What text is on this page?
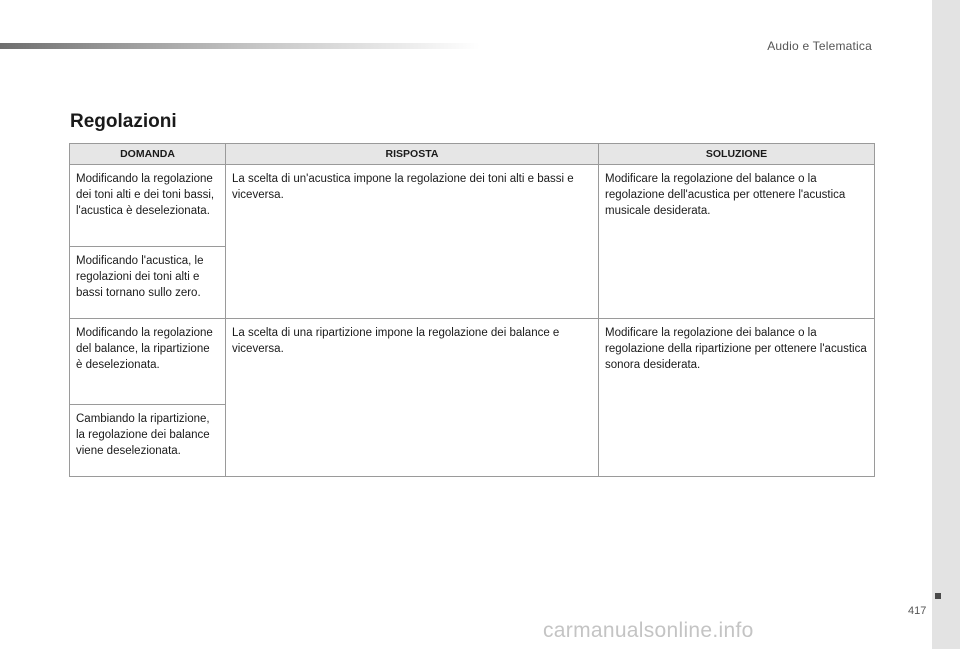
Audio e Telematica
Regolazioni
DOMANDA	RISPOSTA	SOLUZIONE
Modificando la regolazione dei toni alti e dei toni bassi, l'acustica è deselezionata.	La scelta di un'acustica impone la regolazione dei toni alti e bassi e viceversa.	Modificare la regolazione del balance o la regolazione dell'acustica per ottenere l'acustica musicale desiderata.
Modificando l'acustica, le regolazioni dei toni alti e bassi tornano sullo zero.		
Modificando la regolazione del balance, la ripartizione è deselezionata.	La scelta di una ripartizione impone la regolazione dei balance e viceversa.	Modificare la regolazione dei balance o la regolazione della ripartizione per ottenere l'acustica sonora desiderata.
Cambiando la ripartizione, la regolazione dei balance viene deselezionata.		
417
carmanualsonline.info
